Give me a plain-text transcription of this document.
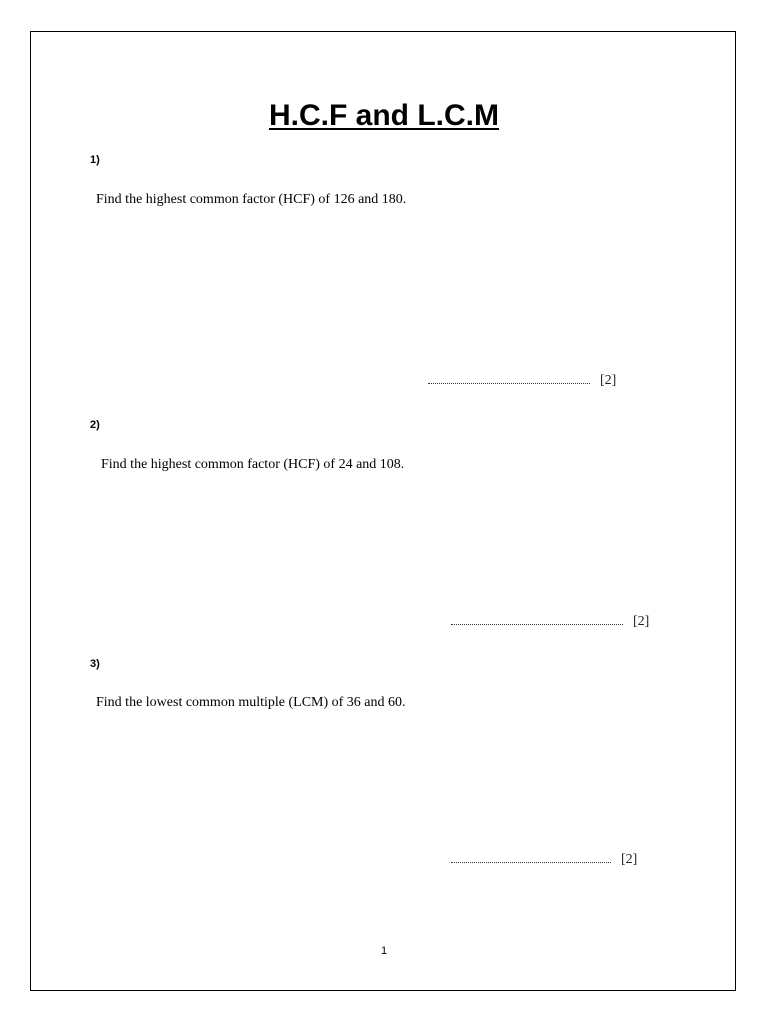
H.C.F and L.C.M
1)
Find the highest common factor (HCF) of 126 and 180.
[2]
2)
Find the highest common factor (HCF) of 24 and 108.
[2]
3)
Find the lowest common multiple (LCM) of 36 and 60.
[2]
1
